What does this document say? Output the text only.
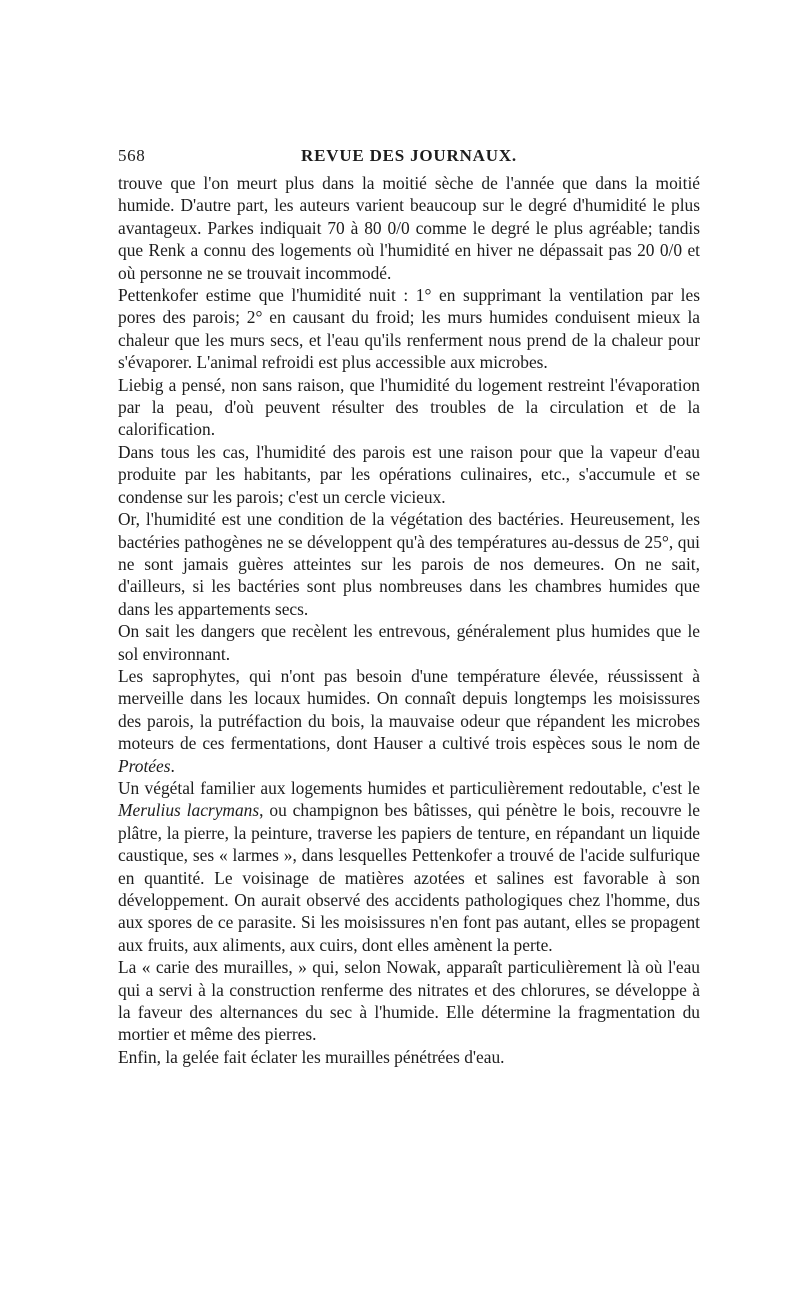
568	REVUE DES JOURNAUX.

trouve que l'on meurt plus dans la moitié sèche de l'année que dans la moitié humide. D'autre part, les auteurs varient beaucoup sur le degré d'humidité le plus avantageux. Parkes indiquait 70 à 80 0/0 comme le degré le plus agréable; tandis que Renk a connu des logements où l'humidité en hiver ne dépassait pas 20 0/0 et où personne ne se trouvait incommodé.

Pettenkofer estime que l'humidité nuit : 1° en supprimant la ventilation par les pores des parois; 2° en causant du froid; les murs humides conduisent mieux la chaleur que les murs secs, et l'eau qu'ils renferment nous prend de la chaleur pour s'évaporer. L'animal refroidi est plus accessible aux microbes.

Liebig a pensé, non sans raison, que l'humidité du logement restreint l'évaporation par la peau, d'où peuvent résulter des troubles de la circulation et de la calorification.

Dans tous les cas, l'humidité des parois est une raison pour que la vapeur d'eau produite par les habitants, par les opérations culinaires, etc., s'accumule et se condense sur les parois; c'est un cercle vicieux.

Or, l'humidité est une condition de la végétation des bactéries. Heureusement, les bactéries pathogènes ne se développent qu'à des températures au-dessus de 25°, qui ne sont jamais guères atteintes sur les parois de nos demeures. On ne sait, d'ailleurs, si les bactéries sont plus nombreuses dans les chambres humides que dans les appartements secs.

On sait les dangers que recèlent les entrevous, généralement plus humides que le sol environnant.

Les saprophytes, qui n'ont pas besoin d'une température élevée, réussissent à merveille dans les locaux humides. On connaît depuis longtemps les moisissures des parois, la putréfaction du bois, la mauvaise odeur que répandent les microbes moteurs de ces fermentations, dont Hauser a cultivé trois espèces sous le nom de Protées.

Un végétal familier aux logements humides et particulièrement redoutable, c'est le Merulius lacrymans, ou champignon bes bâtisses, qui pénètre le bois, recouvre le plâtre, la pierre, la peinture, traverse les papiers de tenture, en répandant un liquide caustique, ses « larmes », dans lesquelles Pettenkofer a trouvé de l'acide sulfurique en quantité. Le voisinage de matières azotées et salines est favorable à son développement. On aurait observé des accidents pathologiques chez l'homme, dus aux spores de ce parasite. Si les moisissures n'en font pas autant, elles se propagent aux fruits, aux aliments, aux cuirs, dont elles amènent la perte.

La « carie des murailles, » qui, selon Nowak, apparaît particulièrement là où l'eau qui a servi à la construction renferme des nitrates et des chlorures, se développe à la faveur des alternances du sec à l'humide. Elle détermine la fragmentation du mortier et même des pierres.

Enfin, la gelée fait éclater les murailles pénétrées d'eau.
